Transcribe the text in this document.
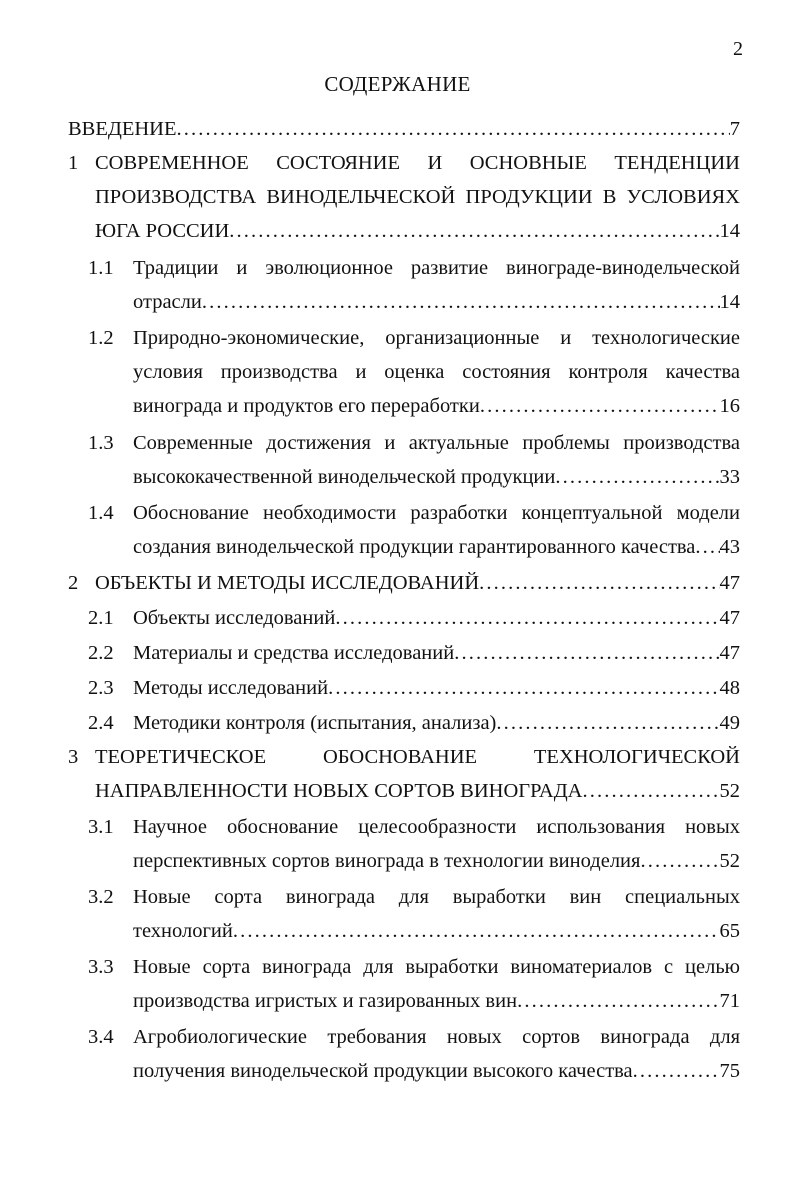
2
СОДЕРЖАНИЕ
ВВЕДЕНИЕ . . .	7
1 СОВРЕМЕННОЕ СОСТОЯНИЕ И ОСНОВНЫЕ ТЕНДЕНЦИИ
ПРОИЗВОДСТВА ВИНОДЕЛЬЧЕСКОЙ ПРОДУКЦИИ В УСЛОВИЯХ
ЮГА РОССИИ . . .	14
1.1 Традиции и эволюционное развитие винограде-винодельческой
отрасли . . .	14
1.2 Природно-экономические, организационные и технологические
условия производства и оценка состояния контроля качества
винограда и продуктов его переработки . . .	16
1.3 Современные достижения и актуальные проблемы производства
высококачественной винодельческой продукции . . .	33
1.4 Обоснование необходимости разработки концептуальной модели
создания винодельческой продукции гарантированного качества . . . 43
2 ОБЪЕКТЫ И МЕТОДЫ ИССЛЕДОВАНИЙ . . .	47
2.1 Объекты исследований . . .	47
2.2 Материалы и средства исследований . . .	47
2.3 Методы исследований . . .	48
2.4 Методики контроля (испытания, анализа) . . .	49
3 ТЕОРЕТИЧЕСКОЕ ОБОСНОВАНИЕ ТЕХНОЛОГИЧЕСКОЙ
НАПРАВЛЕННОСТИ НОВЫХ СОРТОВ ВИНОГРАДА . . .	52
3.1 Научное обоснование целесообразности использования новых
перспективных сортов винограда в технологии виноделия . . .	52
3.2 Новые сорта винограда для выработки вин специальных
технологий . . .	65
3.3 Новые сорта винограда для выработки виноматериалов с целью
производства игристых и газированных вин . . .	71
3.4 Агробиологические требования новых сортов винограда для
получения винодельческой продукции высокого качества . . .	75
